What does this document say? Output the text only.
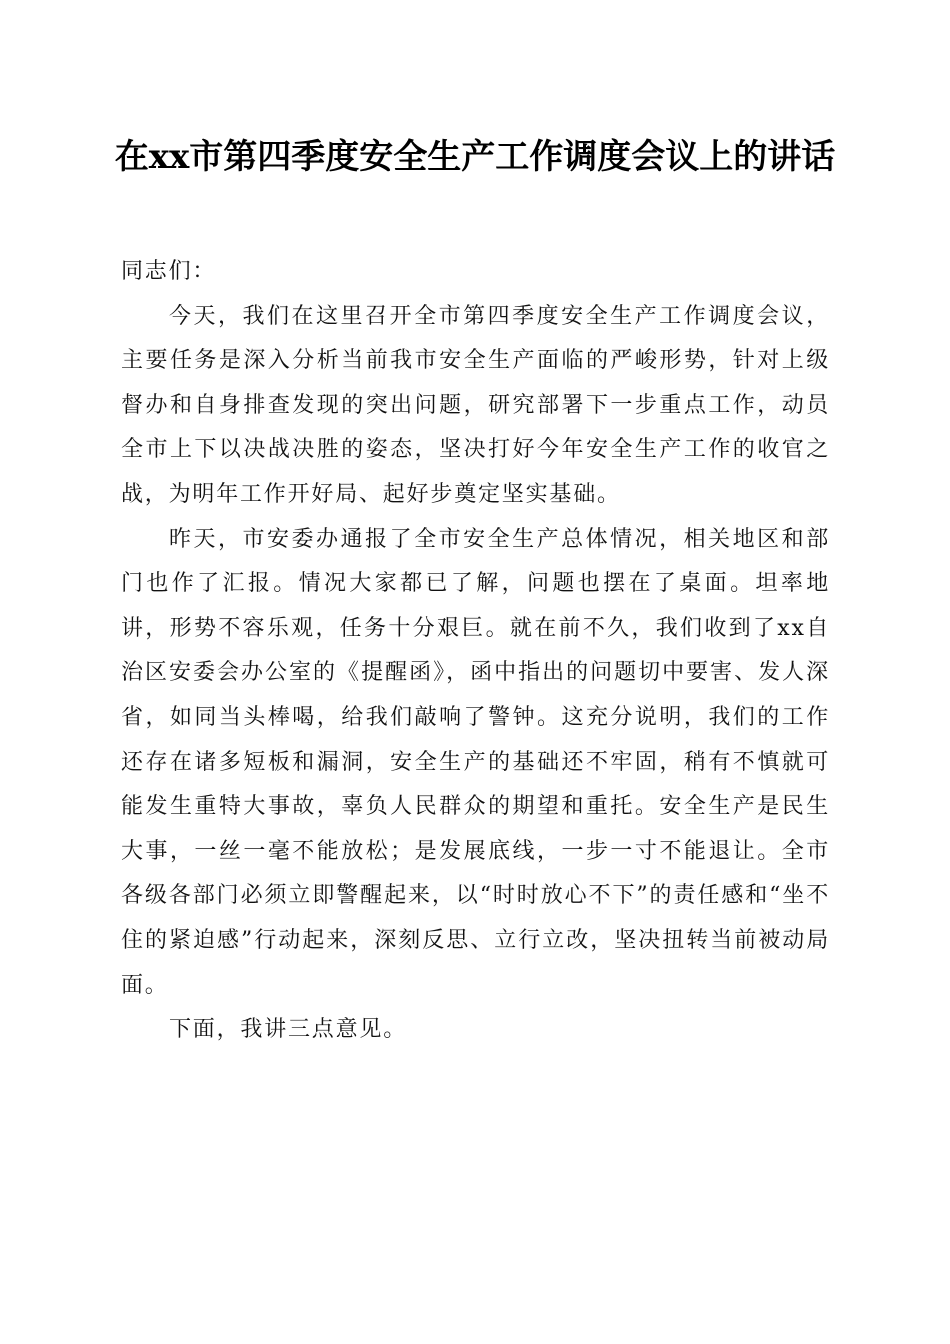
在xx市第四季度安全生产工作调度会议上的讲话

同志们：

今天，我们在这里召开全市第四季度安全生产工作调度会议，主要任务是深入分析当前我市安全生产面临的严峻形势，针对上级督办和自身排查发现的突出问题，研究部署下一步重点工作，动员全市上下以决战决胜的姿态，坚决打好今年安全生产工作的收官之战，为明年工作开好局、起好步奠定坚实基础。

昨天，市安委办通报了全市安全生产总体情况，相关地区和部门也作了汇报。情况大家都已了解，问题也摆在了桌面。坦率地讲，形势不容乐观，任务十分艰巨。就在前不久，我们收到了xx自治区安委会办公室的《提醒函》，函中指出的问题切中要害、发人深省，如同当头棒喝，给我们敲响了警钟。这充分说明，我们的工作还存在诸多短板和漏洞，安全生产的基础还不牢固，稍有不慎就可能发生重特大事故，辜负人民群众的期望和重托。安全生产是民生大事，一丝一毫不能放松；是发展底线，一步一寸不能退让。全市各级各部门必须立即警醒起来，以“时时放心不下”的责任感和“坐不住的紧迫感”行动起来，深刻反思、立行立改，坚决扭转当前被动局面。

下面，我讲三点意见。
